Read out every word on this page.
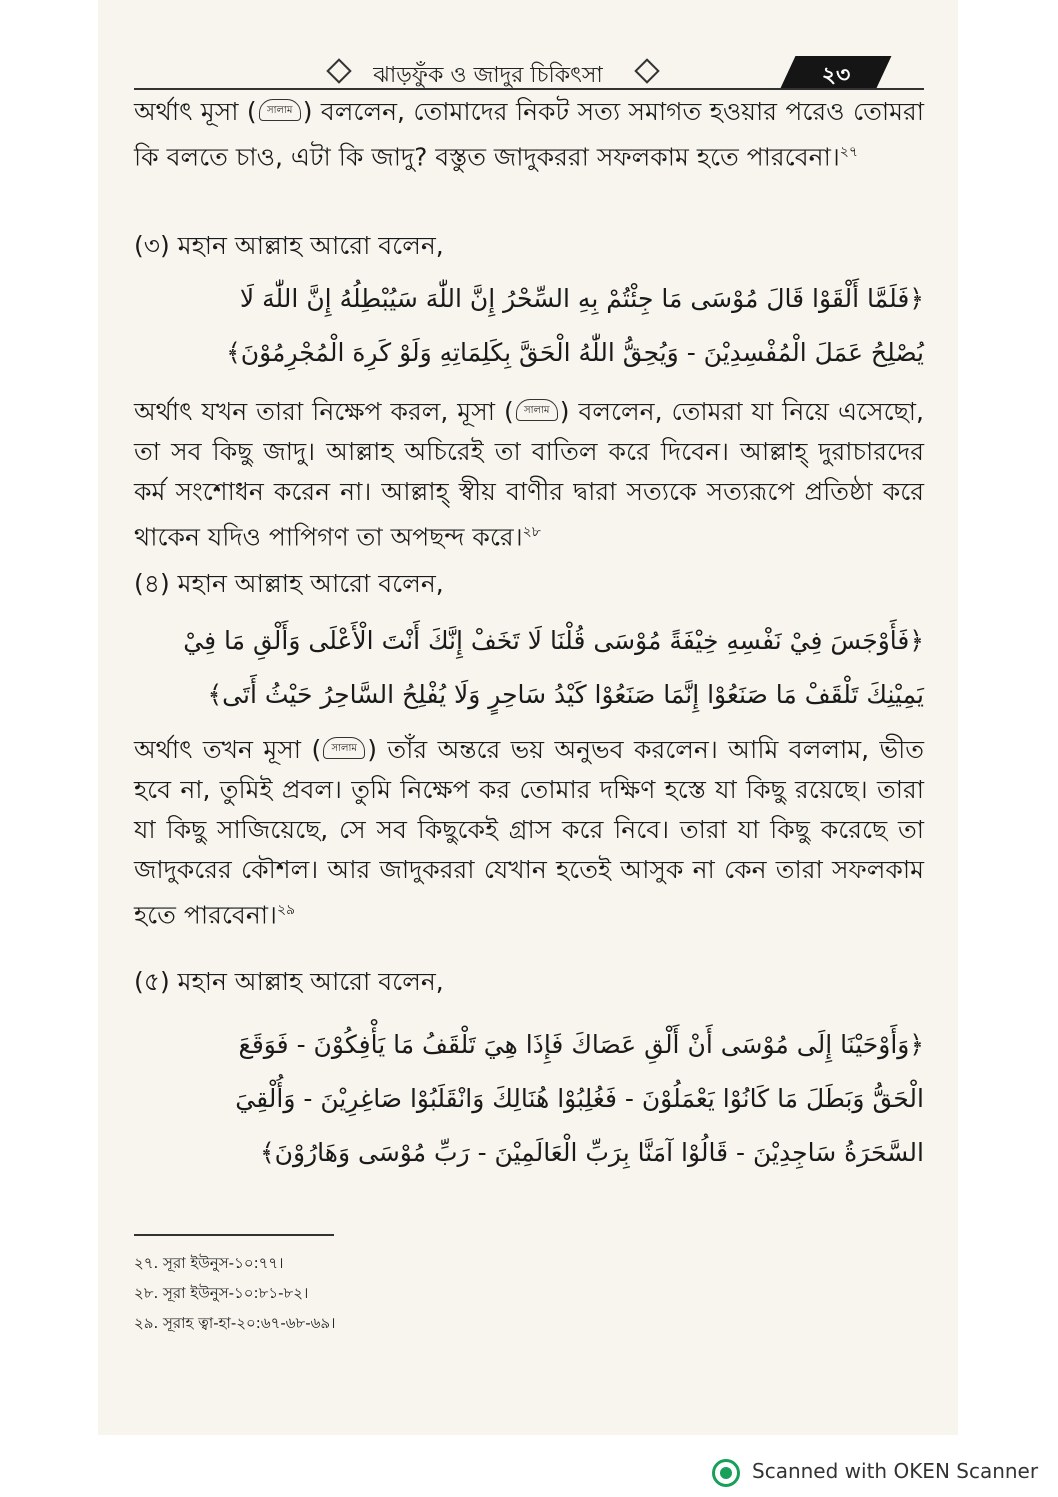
ঝাড়ফুঁক ও জাদুর চিকিৎসা	২৩

অর্থাৎ মূসা ( সালাম ) বললেন, তোমাদের নিকট সত্য সমাগত হওয়ার পরেও তোমরা কি বলতে চাও, এটা কি জাদু? বস্তুত জাদুকররা সফলকাম হতে পারবেনা।$^{২৭}$

(৩) মহান আল্লাহ আরো বলেন,

﴿فَلَمَّا أَلْقَوْا قَالَ مُوْسَى مَا جِئْتُمْ بِهِ السِّحْرُ إِنَّ اللّٰهَ سَيُبْطِلُهُ إِنَّ اللّٰهَ لَا

يُصْلِحُ عَمَلَ الْمُفْسِدِيْنَ - وَيُحِقُّ اللّٰهُ الْحَقَّ بِكَلِمَاتِهِ وَلَوْ كَرِهَ الْمُجْرِمُوْنَ﴾

অর্থাৎ যখন তারা নিক্ষেপ করল, মূসা ( সালাম ) বললেন, তোমরা যা নিয়ে এসেছো, তা সব কিছু জাদু। আল্লাহ অচিরেই তা বাতিল করে দিবেন। আল্লাহ্ দুরাচারদের কর্ম সংশোধন করেন না। আল্লাহ্ স্বীয় বাণীর দ্বারা সত্যকে সত্যরূপে প্রতিষ্ঠা করে থাকেন যদিও পাপিগণ তা অপছন্দ করে।$^{২৮}$

(৪) মহান আল্লাহ আরো বলেন,

﴿فَأَوْجَسَ فِيْ نَفْسِهِ خِيْفَةً مُوْسَى قُلْنَا لَا تَخَفْ إِنَّكَ أَنْتَ الْأَعْلَى وَأَلْقِ مَا فِيْ

يَمِيْنِكَ تَلْقَفْ مَا صَنَعُوْا إِنَّمَا صَنَعُوْا كَيْدُ سَاحِرٍ وَلَا يُفْلِحُ السَّاحِرُ حَيْثُ أَتَى﴾

অর্থাৎ তখন মূসা ( সালাম ) তাঁর অন্তরে ভয় অনুভব করলেন। আমি বললাম, ভীত হবে না, তুমিই প্রবল। তুমি নিক্ষেপ কর তোমার দক্ষিণ হস্তে যা কিছু রয়েছে। তারা যা কিছু সাজিয়েছে, সে সব কিছুকেই গ্রাস করে নিবে। তারা যা কিছু করেছে তা জাদুকরের কৌশল। আর জাদুকররা যেখান হতেই আসুক না কেন তারা সফলকাম হতে পারবেনা।$^{২৯}$

(৫) মহান আল্লাহ আরো বলেন,

﴿وَأَوْحَيْنَا إِلَى مُوْسَى أَنْ أَلْقِ عَصَاكَ فَإِذَا هِيَ تَلْقَفُ مَا يَأْفِكُوْنَ - فَوَقَعَ

الْحَقُّ وَبَطَلَ مَا كَانُوْا يَعْمَلُوْنَ - فَغُلِبُوْا هُنَالِكَ وَانْقَلَبُوْا صَاغِرِيْنَ - وَأُلْقِيَ

السَّحَرَةُ سَاجِدِيْنَ - قَالُوْا آمَنَّا بِرَبِّ الْعَالَمِيْنَ - رَبِّ مُوْسَى وَهَارُوْنَ﴾

২৭. সূরা ইউনুস-১০:৭৭।

২৮. সূরা ইউনুস-১০:৮১-৮২।

২৯. সূরাহ ত্বা-হা-২০:৬৭-৬৮-৬৯।

Scanned with OKEN Scanner
